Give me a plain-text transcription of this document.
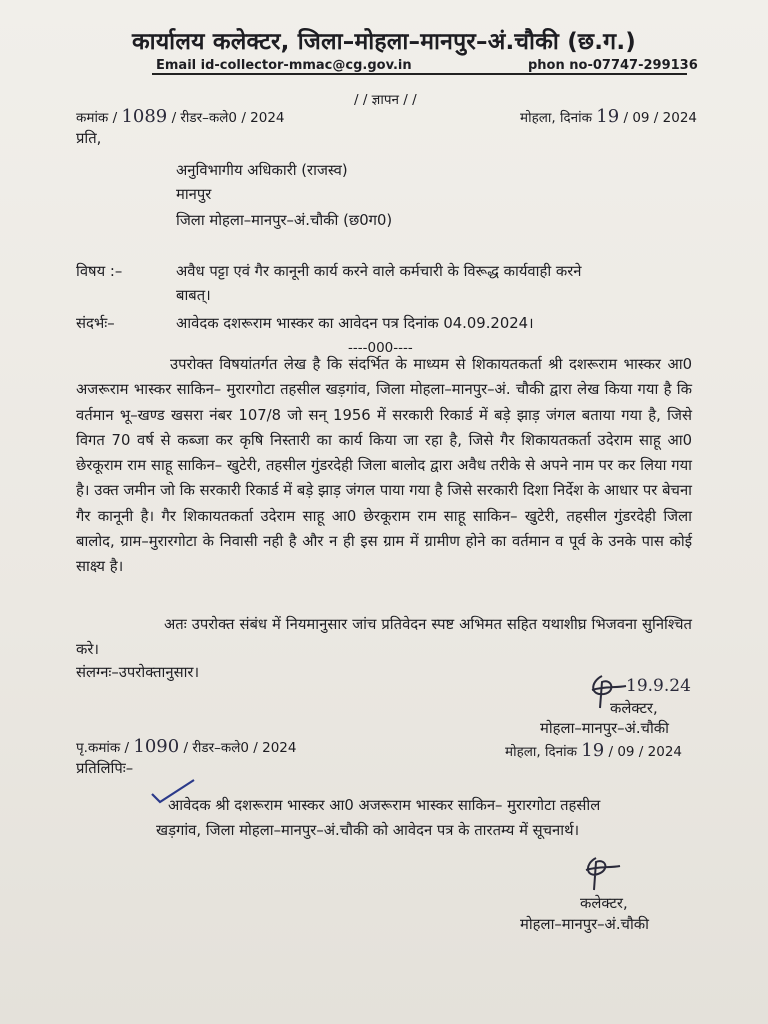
कार्यालय कलेक्टर, जिला–मोहला–मानपुर–अं.चौकी (छ.ग.)
Email id-collector-mmac@cg.gov.in	phon no-07747-299136
/ / ज्ञापन / /
कमांक / 1089 / रीडर–कले0 / 2024	मोहला, दिनांक 19 / 09 / 2024
प्रति,
अनुविभागीय अधिकारी (राजस्व)
मानपुर
जिला मोहला–मानपुर–अं.चौकी (छ0ग0)
विषय :–	अवैध पट्टा एवं गैर कानूनी कार्य करने वाले कर्मचारी के विरूद्ध कार्यवाही करने
बाबत्।
संदर्भः–	आवेदक दशरूराम भास्कर का आवेदन पत्र दिनांक 04.09.2024।
----000----
उपरोक्त विषयांतर्गत लेख है कि संदर्भित के माध्यम से शिकायतकर्ता श्री दशरूराम भास्कर आ0 अजरूराम भास्कर साकिन– मुरारगोटा तहसील खड़गांव, जिला मोहला–मानपुर–अं. चौकी द्वारा लेख किया गया है कि वर्तमान भू–खण्ड खसरा नंबर 107/8 जो सन् 1956 में सरकारी रिकार्ड में बड़े झाड़ जंगल बताया गया है, जिसे विगत 70 वर्ष से कब्जा कर कृषि निस्तारी का कार्य किया जा रहा है, जिसे गैर शिकायतकर्ता उदेराम साहू आ0 छेरकूराम राम साहू साकिन– खुटेरी, तहसील गुंडरदेही जिला बालोद द्वारा अवैध तरीके से अपने नाम पर कर लिया गया है। उक्त जमीन जो कि सरकारी रिकार्ड में बड़े झाड़ जंगल पाया गया है जिसे सरकारी दिशा निर्देश के आधार पर बेचना गैर कानूनी है। गैर शिकायतकर्ता उदेराम साहू आ0 छेरकूराम राम साहू साकिन– खुटेरी, तहसील गुंडरदेही जिला बालोद, ग्राम–मुरारगोटा के निवासी नही है और न ही इस ग्राम में ग्रामीण होने का वर्तमान व पूर्व के उनके पास कोई साक्ष्य है।
अतः उपरोक्त संबंध में नियमानुसार जांच प्रतिवेदन स्पष्ट अभिमत सहित यथाशीघ्र भिजवना सुनिश्चित करे।
संलग्नः–उपरोक्तानुसार।
19.9.24
कलेक्टर,
मोहला–मानपुर–अं.चौकी
पृ.कमांक / 1090 / रीडर–कले0 / 2024	मोहला, दिनांक 19 / 09 / 2024
प्रतिलिपिः–
आवेदक श्री दशरूराम भास्कर आ0 अजरूराम भास्कर साकिन– मुरारगोटा तहसील
खड़गांव, जिला मोहला–मानपुर–अं.चौकी को आवेदन पत्र के तारतम्य में सूचनार्थ।
कलेक्टर,
मोहला–मानपुर–अं.चौकी
